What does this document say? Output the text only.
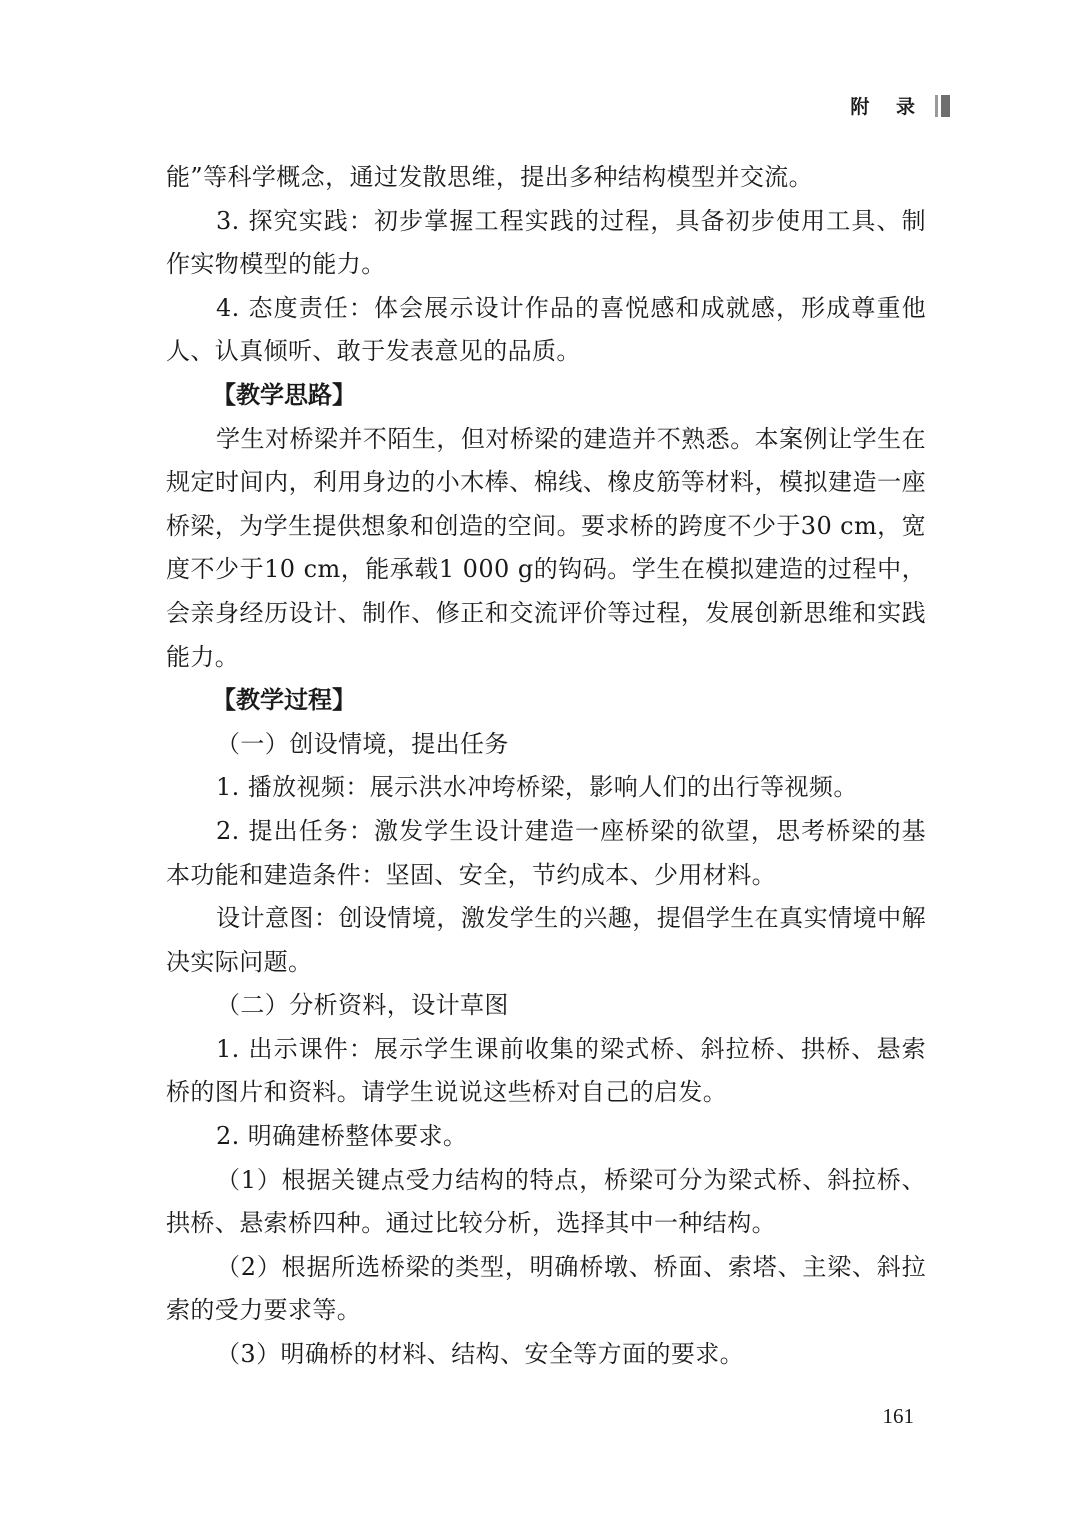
附 录

能”等科学概念，通过发散思维，提出多种结构模型并交流。

3. 探究实践：初步掌握工程实践的过程，具备初步使用工具、制作实物模型的能力。

4. 态度责任：体会展示设计作品的喜悦感和成就感，形成尊重他人、认真倾听、敢于发表意见的品质。

【教学思路】

学生对桥梁并不陌生，但对桥梁的建造并不熟悉。本案例让学生在规定时间内，利用身边的小木棒、棉线、橡皮筋等材料，模拟建造一座桥梁，为学生提供想象和创造的空间。要求桥的跨度不少于30 cm，宽度不少于10 cm，能承载1 000 g的钩码。学生在模拟建造的过程中，会亲身经历设计、制作、修正和交流评价等过程，发展创新思维和实践能力。

【教学过程】

（一）创设情境，提出任务

1. 播放视频：展示洪水冲垮桥梁，影响人们的出行等视频。

2. 提出任务：激发学生设计建造一座桥梁的欲望，思考桥梁的基本功能和建造条件：坚固、安全，节约成本、少用材料。

设计意图：创设情境，激发学生的兴趣，提倡学生在真实情境中解决实际问题。

（二）分析资料，设计草图

1. 出示课件：展示学生课前收集的梁式桥、斜拉桥、拱桥、悬索桥的图片和资料。请学生说说这些桥对自己的启发。

2. 明确建桥整体要求。

（1）根据关键点受力结构的特点，桥梁可分为梁式桥、斜拉桥、拱桥、悬索桥四种。通过比较分析，选择其中一种结构。

（2）根据所选桥梁的类型，明确桥墩、桥面、索塔、主梁、斜拉索的受力要求等。

（3）明确桥的材料、结构、安全等方面的要求。

161
